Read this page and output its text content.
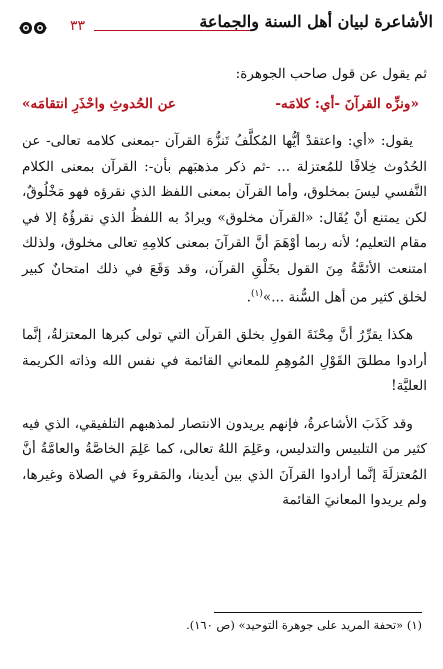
٣٣	الأشاعرة لبيان أهل السنة والجماعة

ثم يقول عن قول صاحب الجوهرة:

«ونزِّه القرآنَ -أي: كلامَه-
عن الحُدوثِ واحْذَرِ انتقامَه»

يقول: «أي: واعتقدْ أيُّها المُكلَّفُ تَنزُّهَ القرآن -بمعنى كلامه تعالى- عن الحُدُوث خِلافًا للمُعتزلة ... -ثم ذكر مذهبَهم بأن-: القرآن بمعنى الكلام النَّفسي ليسَ بمخلوق، وأما القرآن بمعنى اللفظ الذي نقرؤه فهو مَخْلُوقٌ، لكن يمتنع أنْ يُقَال: «القرآن مخلوق» ويرادُ به اللفظُ الذي نقرؤُهُ إلا في مقام التعليم؛ لأنه ربما أوْهَمَ أنَّ القرآنَ بمعنى كلامِهِ تعالى مخلوق، ولذلك امتنعت الأئمَّةُ مِنَ القول بخَلْقِ القرآن، وقد وَقَعَ في ذلك امتحانٌ كبير لخلق كثير من أهل السُّنة ...»$^{(١)}$.

هكذا يقرِّرُ أنَّ مِحْنَةَ القولِ بخلق القرآن التي تولى كبرها المعتزلةُ، إنَّما أرادوا مطلقَ القَوْلِ المُوهِمِ للمعاني القائمة في نفس الله وذاته الكريمة العليَّة!

وقد كَذَبَ الأشاعرةُ، فإنهم يريدون الانتصار لمذهبهم التلفيقي، الذي فيه كثير من التلبيس والتدليس، وعَلِمَ اللهُ تعالى، كما عَلِمَ الخاصَّةُ والعامَّةُ أنَّ المُعتزلَةَ إنَّما أرادوا القرآنَ الذي بين أيدينا، والمَقروءَ في الصلاة وغيرها، ولم يريدوا المعانيَ القائمة

(١) «تحفة المريد على جوهرة التوحيد» (ص ١٦٠).
